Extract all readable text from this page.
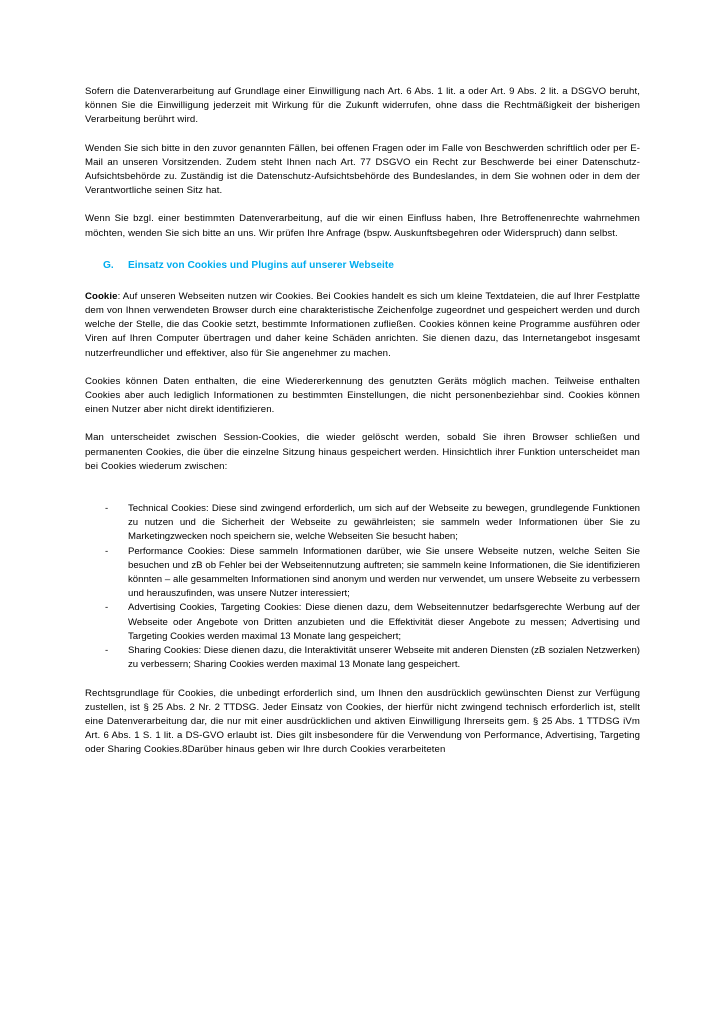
Sofern die Datenverarbeitung auf Grundlage einer Einwilligung nach Art. 6 Abs. 1 lit. a oder Art. 9 Abs. 2 lit. a DSGVO beruht, können Sie die Einwilligung jederzeit mit Wirkung für die Zukunft widerrufen, ohne dass die Rechtmäßigkeit der bisherigen Verarbeitung berührt wird.

Wenden Sie sich bitte in den zuvor genannten Fällen, bei offenen Fragen oder im Falle von Beschwerden schriftlich oder per E-Mail an unseren Vorsitzenden. Zudem steht Ihnen nach Art. 77 DSGVO ein Recht zur Beschwerde bei einer Datenschutz-Aufsichtsbehörde zu. Zuständig ist die Datenschutz-Aufsichtsbehörde des Bundeslandes, in dem Sie wohnen oder in dem der Verantwortliche seinen Sitz hat.

Wenn Sie bzgl. einer bestimmten Datenverarbeitung, auf die wir einen Einfluss haben, Ihre Betroffenenrechte wahrnehmen möchten, wenden Sie sich bitte an uns. Wir prüfen Ihre Anfrage (bspw. Auskunftsbegehren oder Widerspruch) dann selbst.

G.	Einsatz von Cookies und Plugins auf unserer Webseite

Cookie: Auf unseren Webseiten nutzen wir Cookies. Bei Cookies handelt es sich um kleine Textdateien, die auf Ihrer Festplatte dem von Ihnen verwendeten Browser durch eine charakteristische Zeichenfolge zugeordnet und gespeichert werden und durch welche der Stelle, die das Cookie setzt, bestimmte Informationen zufließen. Cookies können keine Programme ausführen oder Viren auf Ihren Computer übertragen und daher keine Schäden anrichten. Sie dienen dazu, das Internetangebot insgesamt nutzerfreundlicher und effektiver, also für Sie angenehmer zu machen.

Cookies können Daten enthalten, die eine Wiedererkennung des genutzten Geräts möglich machen. Teilweise enthalten Cookies aber auch lediglich Informationen zu bestimmten Einstellungen, die nicht personenbeziehbar sind. Cookies können einen Nutzer aber nicht direkt identifizieren.

Man unterscheidet zwischen Session-Cookies, die wieder gelöscht werden, sobald Sie ihren Browser schließen und permanenten Cookies, die über die einzelne Sitzung hinaus gespeichert werden. Hinsichtlich ihrer Funktion unterscheidet man bei Cookies wiederum zwischen:

-	Technical Cookies: Diese sind zwingend erforderlich, um sich auf der Webseite zu bewegen, grundlegende Funktionen zu nutzen und die Sicherheit der Webseite zu gewährleisten; sie sammeln weder Informationen über Sie zu Marketingzwecken noch speichern sie, welche Webseiten Sie besucht haben;
-	Performance Cookies: Diese sammeln Informationen darüber, wie Sie unsere Webseite nutzen, welche Seiten Sie besuchen und zB ob Fehler bei der Webseitennutzung auftreten; sie sammeln keine Informationen, die Sie identifizieren könnten – alle gesammelten Informationen sind anonym und werden nur verwendet, um unsere Webseite zu verbessern und herauszufinden, was unsere Nutzer interessiert;
-	Advertising Cookies, Targeting Cookies: Diese dienen dazu, dem Webseitennutzer bedarfsgerechte Werbung auf der Webseite oder Angebote von Dritten anzubieten und die Effektivität dieser Angebote zu messen; Advertising und Targeting Cookies werden maximal 13 Monate lang gespeichert;
-	Sharing Cookies: Diese dienen dazu, die Interaktivität unserer Webseite mit anderen Diensten (zB sozialen Netzwerken) zu verbessern; Sharing Cookies werden maximal 13 Monate lang gespeichert.

Rechtsgrundlage für Cookies, die unbedingt erforderlich sind, um Ihnen den ausdrücklich gewünschten Dienst zur Verfügung zustellen, ist § 25 Abs. 2 Nr. 2 TTDSG. Jeder Einsatz von Cookies, der hierfür nicht zwingend technisch erforderlich ist, stellt eine Datenverarbeitung dar, die nur mit einer ausdrücklichen und aktiven Einwilligung Ihrerseits gem. § 25 Abs. 1 TTDSG iVm Art. 6 Abs. 1 S. 1 lit. a DS-GVO erlaubt ist. Dies gilt insbesondere für die Verwendung von Performance, Advertising, Targeting oder Sharing Cookies.8Darüber hinaus geben wir Ihre durch Cookies verarbeiteten
